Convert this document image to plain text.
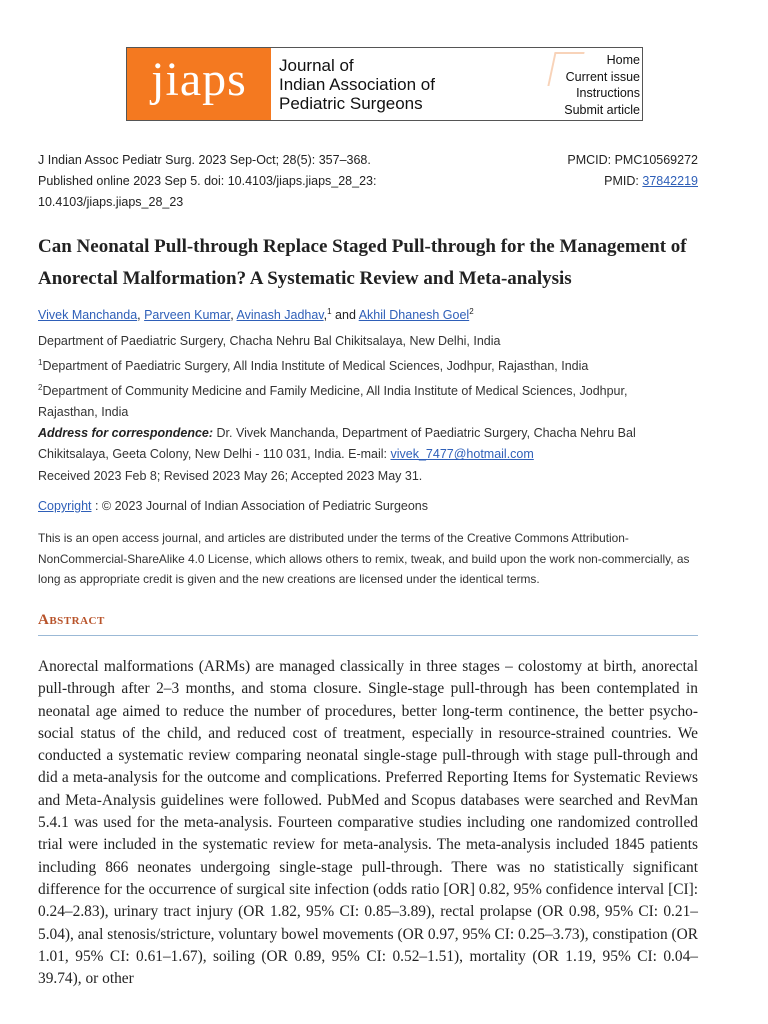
jiaps	Journal of
Indian Association of
Pediatric Surgeons
Home
Current issue
Instructions
Submit article
J Indian Assoc Pediatr Surg. 2023 Sep-Oct; 28(5): 357–368.
Published online 2023 Sep 5. doi: 10.4103/jiaps.jiaps_28_23: 10.4103/jiaps.jiaps_28_23
PMCID: PMC10569272
PMID: 37842219
Can Neonatal Pull-through Replace Staged Pull-through for the Management of Anorectal Malformation? A Systematic Review and Meta-analysis
Vivek Manchanda, Parveen Kumar, Avinash Jadhav,$^1$ and Akhil Dhanesh Goel$^2$
Department of Paediatric Surgery, Chacha Nehru Bal Chikitsalaya, New Delhi, India
$^1$Department of Paediatric Surgery, All India Institute of Medical Sciences, Jodhpur, Rajasthan, India
$^2$Department of Community Medicine and Family Medicine, All India Institute of Medical Sciences, Jodhpur, Rajasthan, India
Address for correspondence: Dr. Vivek Manchanda, Department of Paediatric Surgery, Chacha Nehru Bal Chikitsalaya, Geeta Colony, New Delhi - 110 031, India. E-mail: vivek_7477@hotmail.com
Received 2023 Feb 8; Revised 2023 May 26; Accepted 2023 May 31.
Copyright : © 2023 Journal of Indian Association of Pediatric Surgeons
This is an open access journal, and articles are distributed under the terms of the Creative Commons Attribution-NonCommercial-ShareAlike 4.0 License, which allows others to remix, tweak, and build upon the work non-commercially, as long as appropriate credit is given and the new creations are licensed under the identical terms.
Abstract

Anorectal malformations (ARMs) are managed classically in three stages – colostomy at birth, anorectal pull-through after 2–3 months, and stoma closure. Single-stage pull-through has been contemplated in neonatal age aimed to reduce the number of procedures, better long-term continence, the better psycho-social status of the child, and reduced cost of treatment, especially in resource-strained countries. We conducted a systematic review comparing neonatal single-stage pull-through with stage pull-through and did a meta-analysis for the outcome and complications. Preferred Reporting Items for Systematic Reviews and Meta-Analysis guidelines were followed. PubMed and Scopus databases were searched and RevMan 5.4.1 was used for the meta-analysis. Fourteen comparative studies including one randomized controlled trial were included in the systematic review for meta-analysis. The meta-analysis included 1845 patients including 866 neonates undergoing single-stage pull-through. There was no statistically significant difference for the occurrence of surgical site infection (odds ratio [OR] 0.82, 95% confidence interval [CI]: 0.24–2.83), urinary tract injury (OR 1.82, 95% CI: 0.85–3.89), rectal prolapse (OR 0.98, 95% CI: 0.21–5.04), anal stenosis/stricture, voluntary bowel movements (OR 0.97, 95% CI: 0.25–3.73), constipation (OR 1.01, 95% CI: 0.61–1.67), soiling (OR 0.89, 95% CI: 0.52–1.51), mortality (OR 1.19, 95% CI: 0.04–39.74), or other
